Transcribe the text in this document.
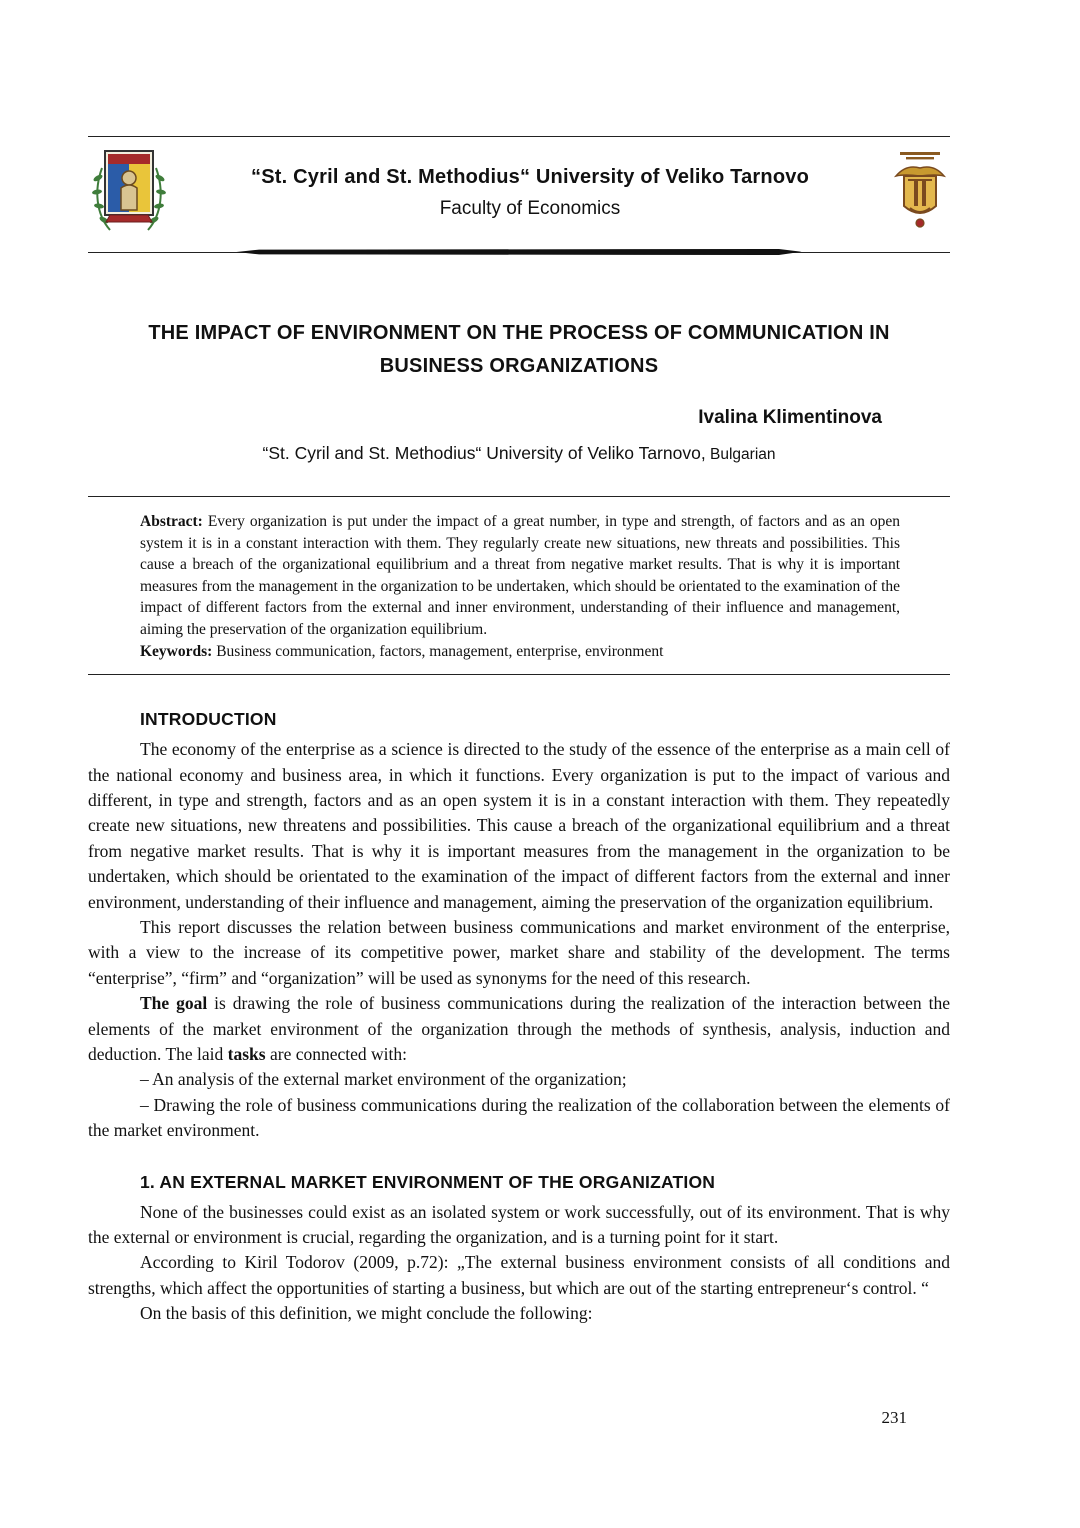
“St. Cyril and St. Methodius“ University of Veliko Tarnovo
Faculty of Economics
THE IMPACT OF ENVIRONMENT ON THE PROCESS OF COMMUNICATION IN BUSINESS ORGANIZATIONS
Ivalina Klimentinova
“St. Cyril and St. Methodius“ University of Veliko Tarnovo, Bulgarian

Abstract: Every organization is put under the impact of a great number, in type and strength, of factors and as an open system it is in a constant interaction with them. They regularly create new situations, new threats and possibilities. This cause a breach of the organizational equilibrium and a threat from negative market results. That is why it is important measures from the management in the organization to be undertaken, which should be orientated to the examination of the impact of different factors from the external and inner environment, understanding of their influence and management, aiming the preservation of the organization equilibrium.

Keywords: Business communication, factors, management, enterprise, environment

INTRODUCTION

The economy of the enterprise as a science is directed to the study of the essence of the enterprise as a main cell of the national economy and business area, in which it functions. Every organization is put to the impact of various and different, in type and strength, factors and as an open system it is in a constant interaction with them. They repeatedly create new situations, new threatens and possibilities. This cause a breach of the organizational equilibrium and a threat from negative market results. That is why it is important measures from the management in the organization to be undertaken, which should be orientated to the examination of the impact of different factors from the external and inner environment, understanding of their influence and management, aiming the preservation of the organization equilibrium.

This report discusses the relation between business communications and market environment of the enterprise, with a view to the increase of its competitive power, market share and stability of the development. The terms “enterprise”, “firm” and “organization” will be used as synonyms for the need of this research.

The goal is drawing the role of business communications during the realization of the interaction between the elements of the market environment of the organization through the methods of synthesis, analysis, induction and deduction. The laid tasks are connected with:

– An analysis of the external market environment of the organization;

– Drawing the role of business communications during the realization of the collaboration between the elements of the market environment.

1. AN EXTERNAL MARKET ENVIRONMENT OF THE ORGANIZATION

None of the businesses could exist as an isolated system or work successfully, out of its environment. That is why the external or environment is crucial, regarding the organization, and is a turning point for it start.

According to Kiril Todorov (2009, p.72): „The external business environment consists of all conditions and strengths, which affect the opportunities of starting a business, but which are out of the starting entrepreneur‘s control. “

On the basis of this definition, we might conclude the following:

231
